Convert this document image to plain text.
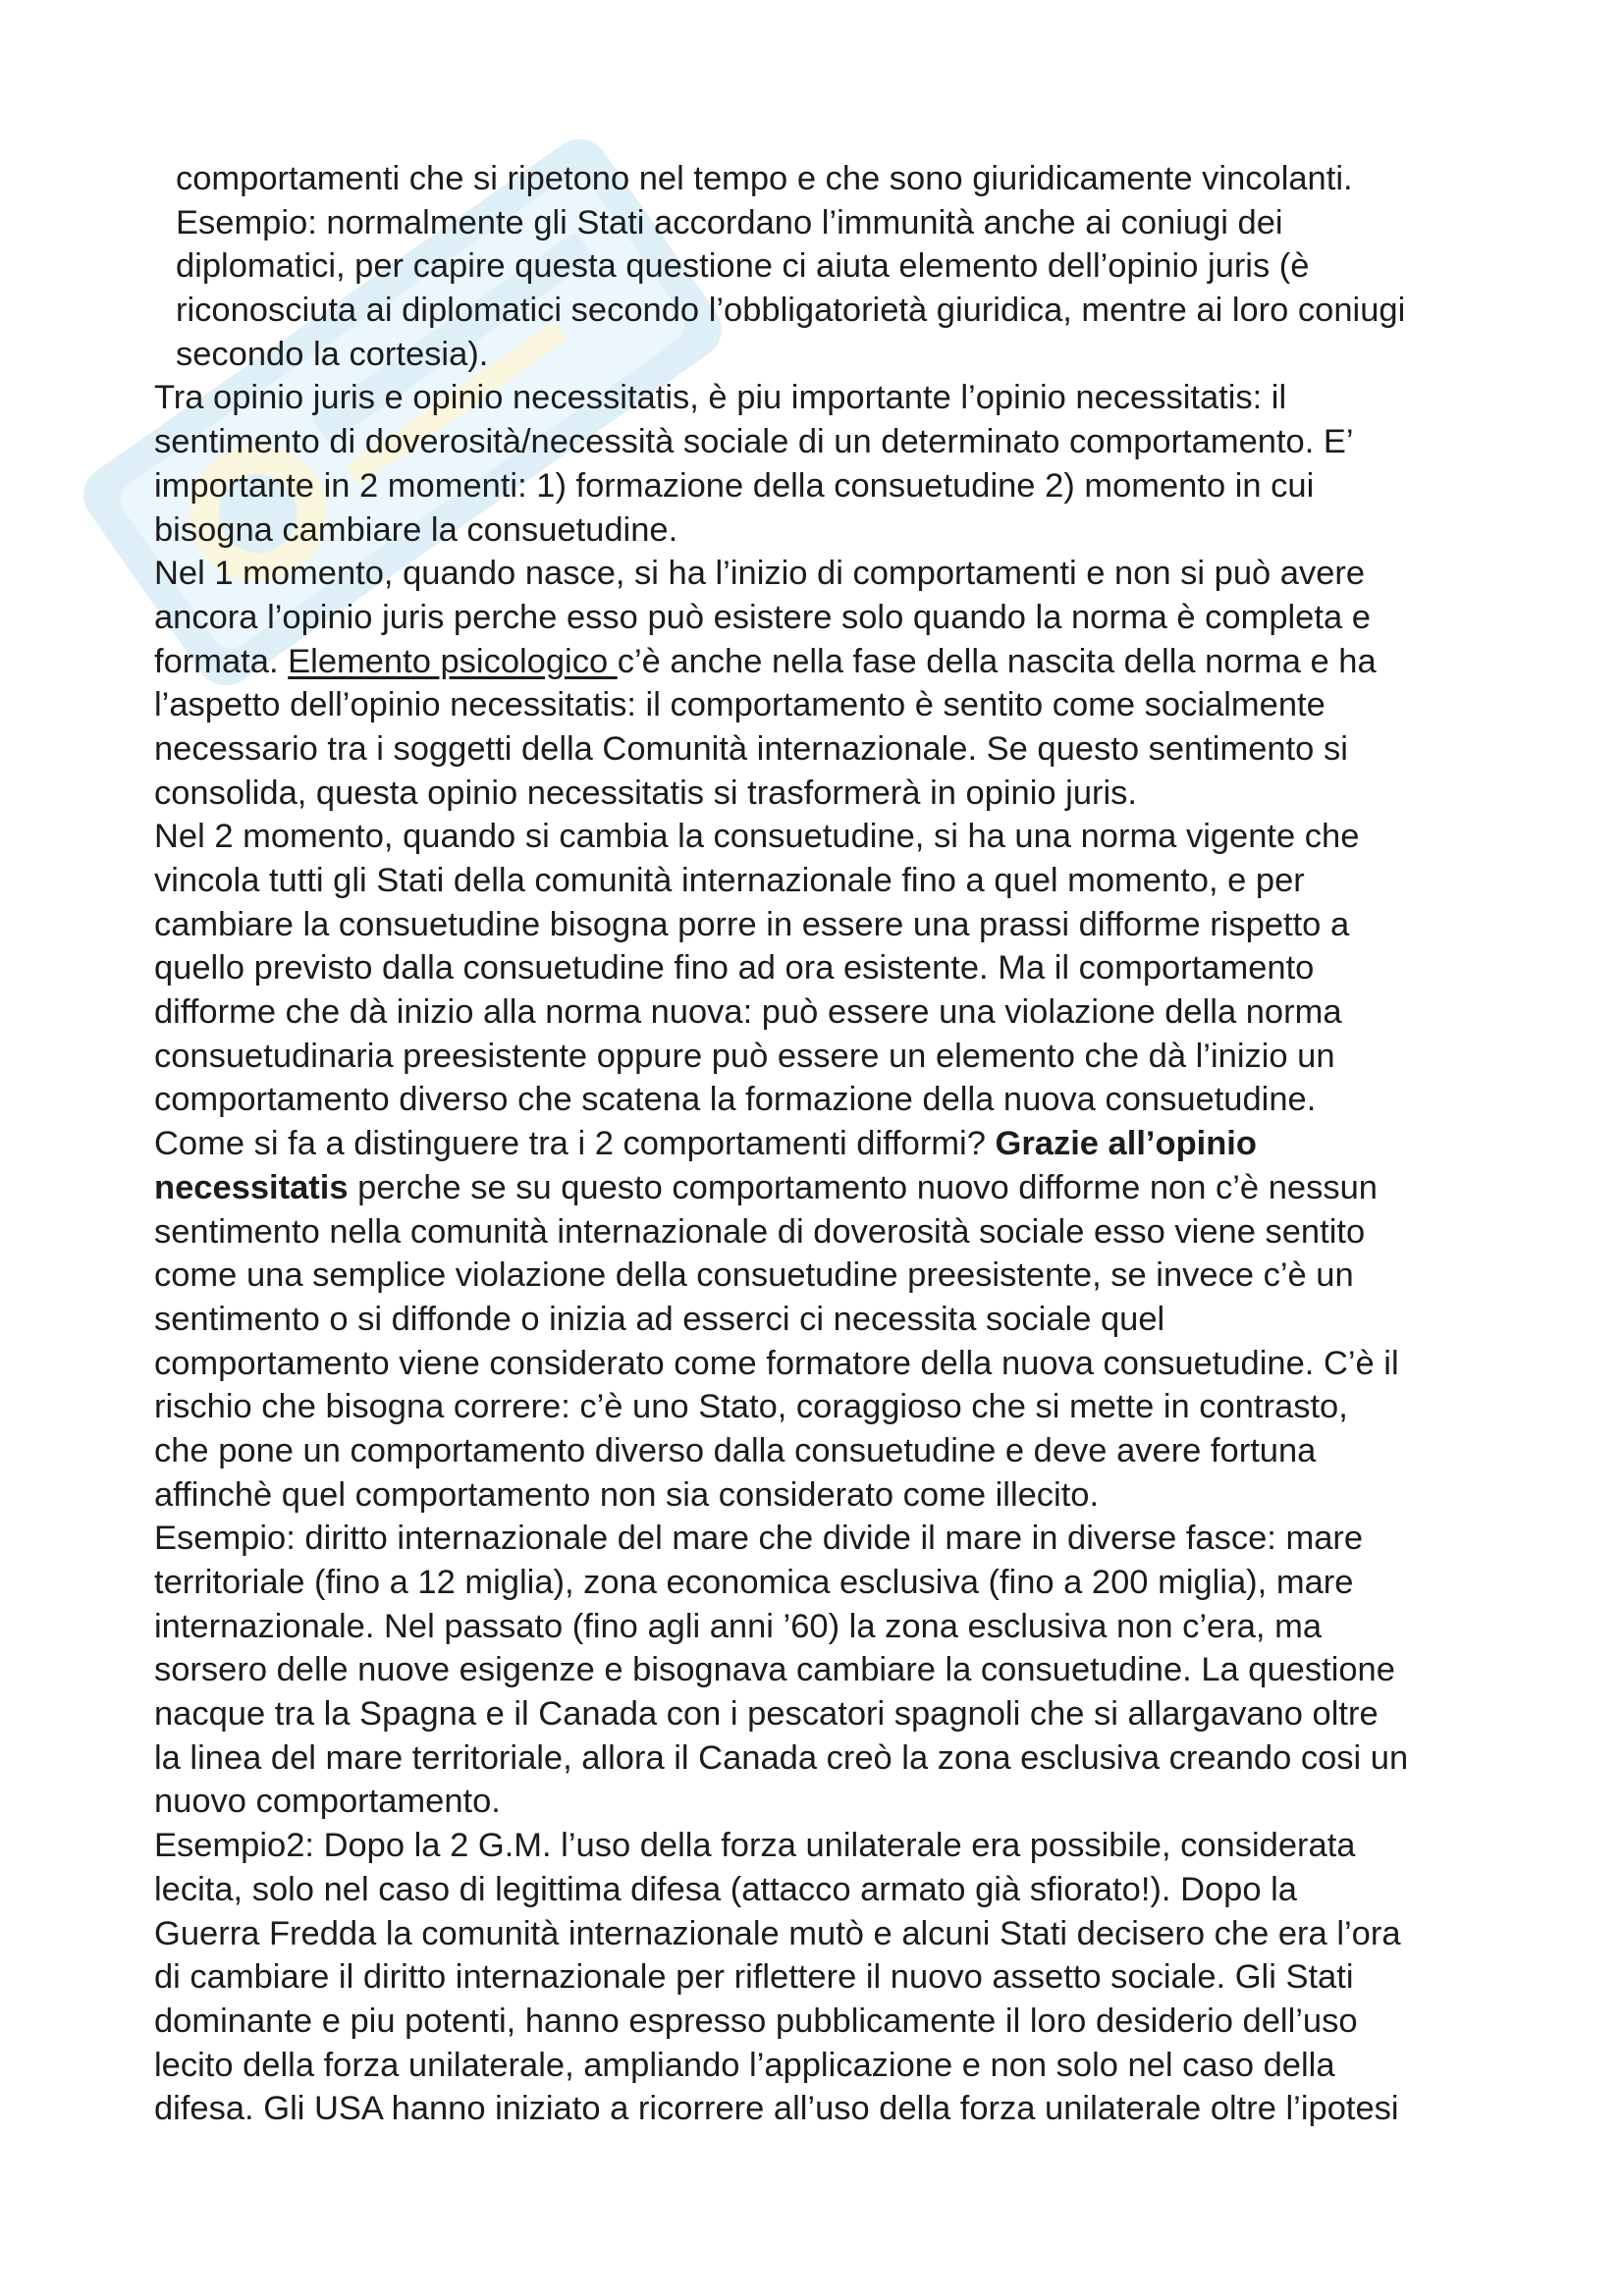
comportamenti che si ripetono nel tempo e che sono giuridicamente vincolanti.
Esempio: normalmente gli Stati accordano l’immunità anche ai coniugi dei
diplomatici, per capire questa questione ci aiuta elemento dell’opinio juris (è
riconosciuta ai diplomatici secondo l’obbligatorietà giuridica, mentre ai loro coniugi
secondo la cortesia).
Tra opinio juris e opinio necessitatis, è piu importante l’opinio necessitatis: il
sentimento di doverosità/necessità sociale di un determinato comportamento. E’
importante in 2 momenti: 1) formazione della consuetudine 2) momento in cui
bisogna cambiare la consuetudine.
Nel 1 momento, quando nasce, si ha l’inizio di comportamenti e non si può avere
ancora l’opinio juris perche esso può esistere solo quando la norma è completa e
formata. Elemento psicologico c’è anche nella fase della nascita della norma e ha
l’aspetto dell’opinio necessitatis: il comportamento è sentito come socialmente
necessario tra i soggetti della Comunità internazionale. Se questo sentimento si
consolida, questa opinio necessitatis si trasformerà in opinio juris.
Nel 2 momento, quando si cambia la consuetudine, si ha una norma vigente che
vincola tutti gli Stati della comunità internazionale fino a quel momento, e per
cambiare la consuetudine bisogna porre in essere una prassi difforme rispetto a
quello previsto dalla consuetudine fino ad ora esistente. Ma il comportamento
difforme che dà inizio alla norma nuova: può essere una violazione della norma
consuetudinaria preesistente oppure può essere un elemento che dà l’inizio un
comportamento diverso che scatena la formazione della nuova consuetudine.
Come si fa a distinguere tra i 2 comportamenti difformi? Grazie all’opinio
necessitatis perche se su questo comportamento nuovo difforme non c’è nessun
sentimento nella comunità internazionale di doverosità sociale esso viene sentito
come una semplice violazione della consuetudine preesistente, se invece c’è un
sentimento o si diffonde o inizia ad esserci ci necessita sociale quel
comportamento viene considerato come formatore della nuova consuetudine. C’è il
rischio che bisogna correre: c’è uno Stato, coraggioso che si mette in contrasto,
che pone un comportamento diverso dalla consuetudine e deve avere fortuna
affinchè quel comportamento non sia considerato come illecito.
Esempio: diritto internazionale del mare che divide il mare in diverse fasce: mare
territoriale (fino a 12 miglia), zona economica esclusiva (fino a 200 miglia), mare
internazionale. Nel passato (fino agli anni ’60) la zona esclusiva non c’era, ma
sorsero delle nuove esigenze e bisognava cambiare la consuetudine. La questione
nacque tra la Spagna e il Canada con i pescatori spagnoli che si allargavano oltre
la linea del mare territoriale, allora il Canada creò la zona esclusiva creando cosi un
nuovo comportamento.
Esempio2: Dopo la 2 G.M. l’uso della forza unilaterale era possibile, considerata
lecita, solo nel caso di legittima difesa (attacco armato già sfiorato!). Dopo la
Guerra Fredda la comunità internazionale mutò e alcuni Stati decisero che era l’ora
di cambiare il diritto internazionale per riflettere il nuovo assetto sociale. Gli Stati
dominante e piu potenti, hanno espresso pubblicamente il loro desiderio dell’uso
lecito della forza unilaterale, ampliando l’applicazione e non solo nel caso della
difesa. Gli USA hanno iniziato a ricorrere all’uso della forza unilaterale oltre l’ipotesi
